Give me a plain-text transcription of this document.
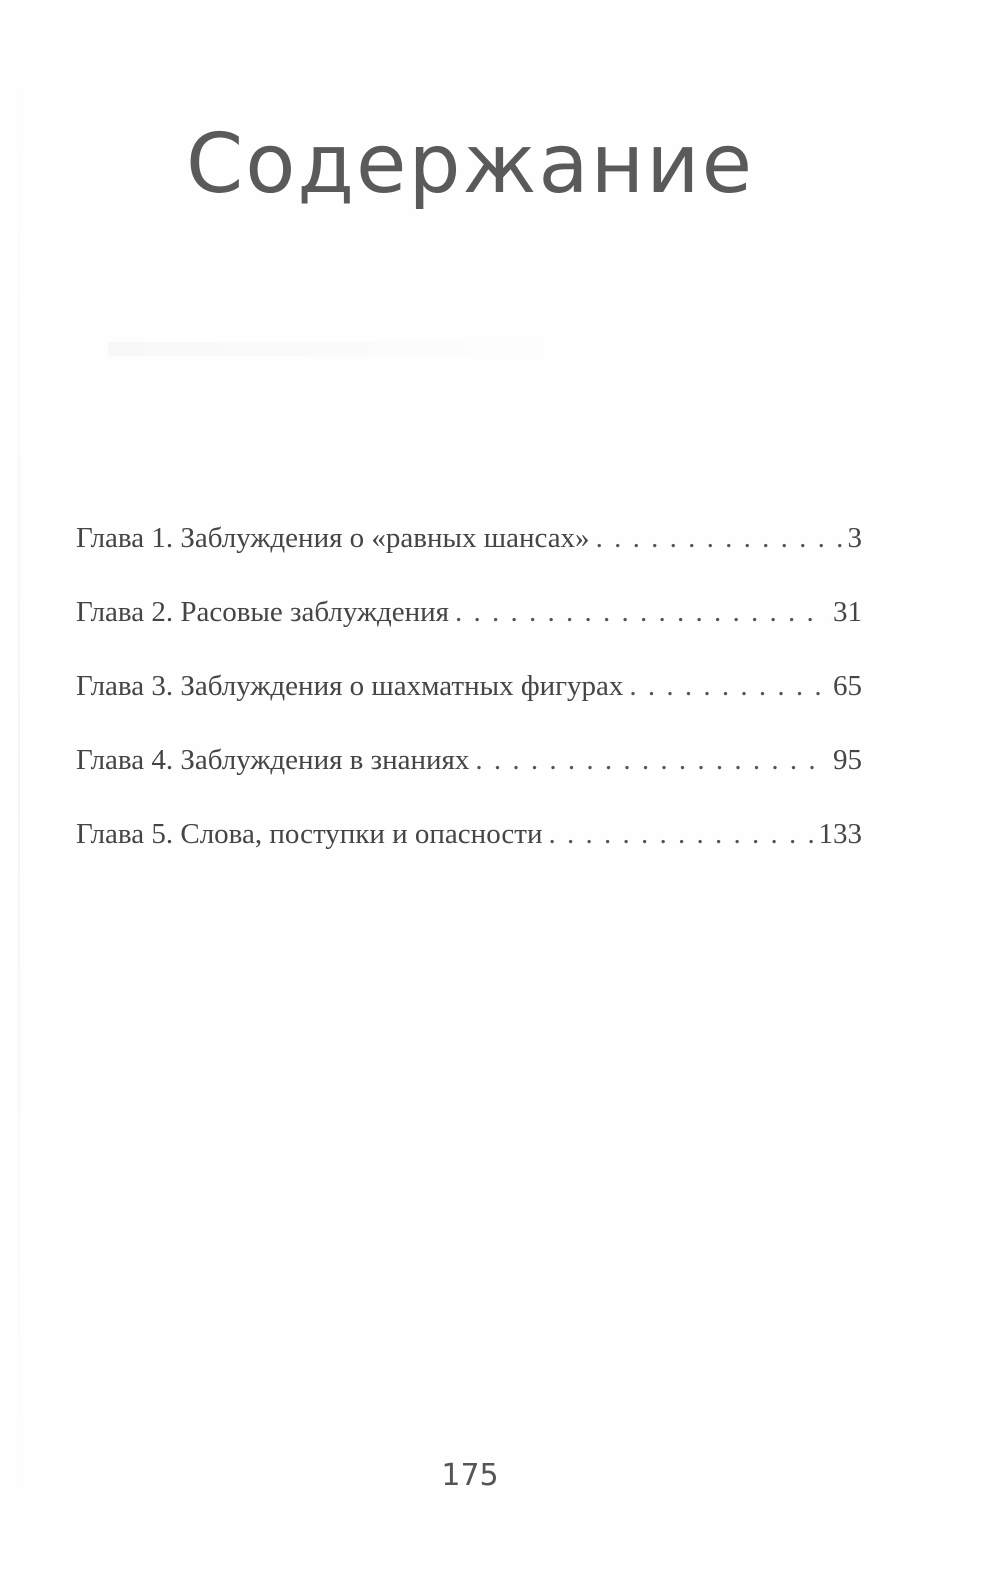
Содержание
Глава 1. Заблуждения о «равных шансах» . . .	3
Глава 2. Расовые заблуждения . . .	31
Глава 3. Заблуждения о шахматных фигурах . . .	65
Глава 4. Заблуждения в знаниях . . .	95
Глава 5. Слова, поступки и опасности . . .	133
175
